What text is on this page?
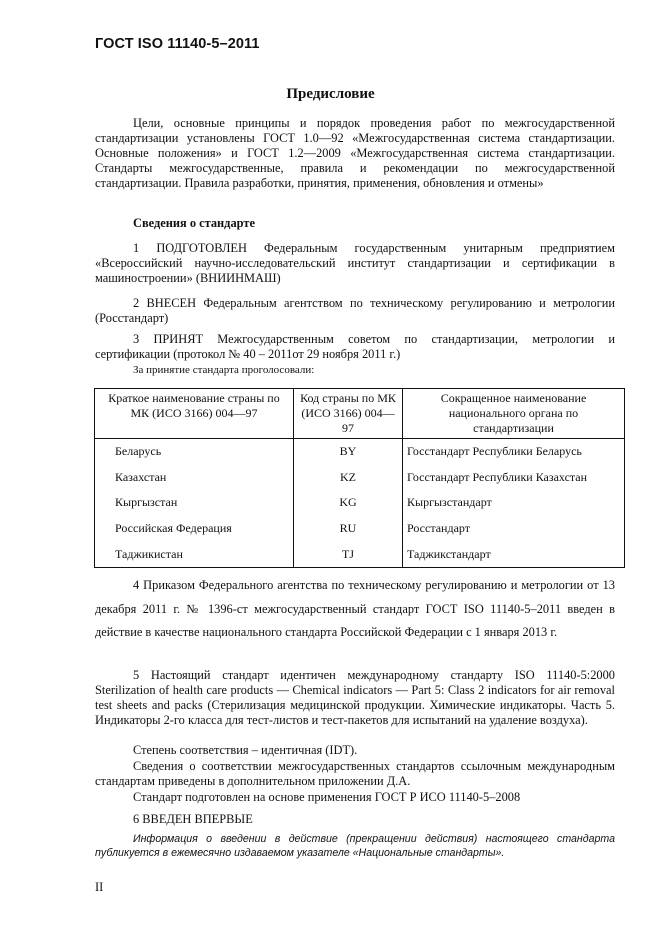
ГОСТ ISO 11140-5–2011
Предисловие
Цели, основные принципы и порядок проведения работ по межгосударственной стандартизации установлены ГОСТ 1.0—92 «Межгосударственная система стандартизации. Основные положения» и ГОСТ 1.2—2009 «Межгосударственная система стандартизации. Стандарты межгосударственные, правила и рекомендации по межгосударственной стандартизации. Правила разработки, принятия, применения, обновления и отмены»
Сведения о стандарте
1 ПОДГОТОВЛЕН Федеральным государственным унитарным предприятием «Всероссийский научно-исследовательский институт стандартизации и сертификации в машиностроении» (ВНИИНМАШ)
2 ВНЕСЕН Федеральным агентством по техническому регулированию и метрологии (Росстандарт)
3 ПРИНЯТ Межгосударственным советом по стандартизации, метрологии и сертификации (протокол № 40 – 2011от 29 ноября 2011 г.)
За принятие стандарта проголосовали:
Краткое наименование страны по МК (ИСО 3166) 004—97	Код страны по МК (ИСО 3166) 004—97	Сокращенное наименование национального органа по стандартизации
Беларусь	BY	Госстандарт Республики Беларусь
Казахстан	KZ	Госстандарт Республики Казахстан
Кыргызстан	KG	Кыргызстандарт
Российская Федерация	RU	Росстандарт
Таджикистан	TJ	Таджикстандарт
4 Приказом Федерального агентства по техническому регулированию и метрологии от 13 декабря 2011 г. № 1396-ст межгосударственный стандарт ГОСТ ISO 11140-5–2011 введен в действие в качестве национального стандарта Российской Федерации с 1 января 2013 г.
5 Настоящий стандарт идентичен международному стандарту ISO 11140-5:2000 Sterilization of health care products — Chemical indicators — Part 5: Class 2 indicators for air removal test sheets and packs (Стерилизация медицинской продукции. Химические индикаторы. Часть 5. Индикаторы 2-го класса для тест-листов и тест-пакетов для испытаний на удаление воздуха).
Степень соответствия – идентичная (IDT).
Сведения о соответствии межгосударственных стандартов ссылочным международным стандартам приведены в дополнительном приложении Д.А.
Стандарт подготовлен на основе применения ГОСТ Р ИСО 11140-5–2008
6 ВВЕДЕН ВПЕРВЫЕ
Информация о введении в действие (прекращении действия) настоящего стандарта публикуется в ежемесячно издаваемом указателе «Национальные стандарты».
II
